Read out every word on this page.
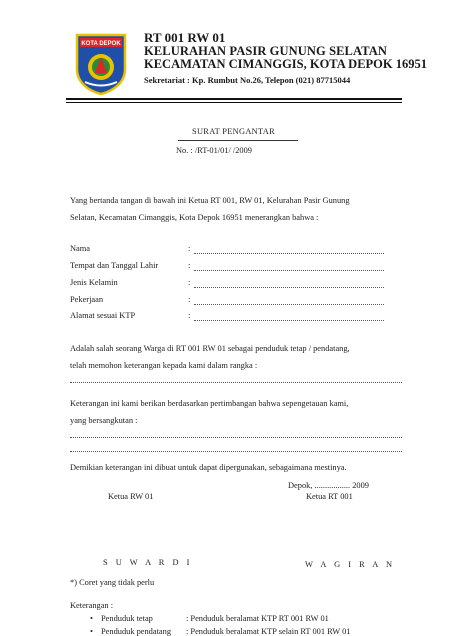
KOTA DEPOK RT 001 RW 01
KELURAHAN PASIR GUNUNG SELATAN
KECAMATAN CIMANGGIS, KOTA DEPOK 16951
Sekretariat : Kp. Rumbut No.26, Telepon (021) 87715044
SURAT PENGANTAR
No. : /RT-01/01/ /2009
Yang bertanda tangan di bawah ini Ketua RT 001, RW 01, Kelurahan Pasir Gunung
Selatan, Kecamatan Cimanggis, Kota Depok 16951 menerangkan bahwa :
Nama	:
Tempat dan Tanggal Lahir	:
Jenis Kelamin	:
Pekerjaan	:
Alamat sesuai KTP	:
Adalah salah seorang Warga di RT 001 RW 01 sebagai penduduk tetap / pendatang,
telah memohon keterangan kepada kami dalam rangka :
Keterangan ini kami berikan berdasarkan pertimbangan bahwa sepengetauan kami,
yang bersangkutan :
Demikian keterangan ini dibuat untuk dapat dipergunakan, sebagaimana mestinya.
Depok, ................. 2009
Ketua RW 01	Ketua RT 001
S U W A R D I	W A G I R A N
*) Coret yang tidak perlu
Keterangan :
• Penduduk tetap	: Penduduk beralamat KTP RT 001 RW 01
• Penduduk pendatang : Penduduk beralamat KTP selain RT 001 RW 01
